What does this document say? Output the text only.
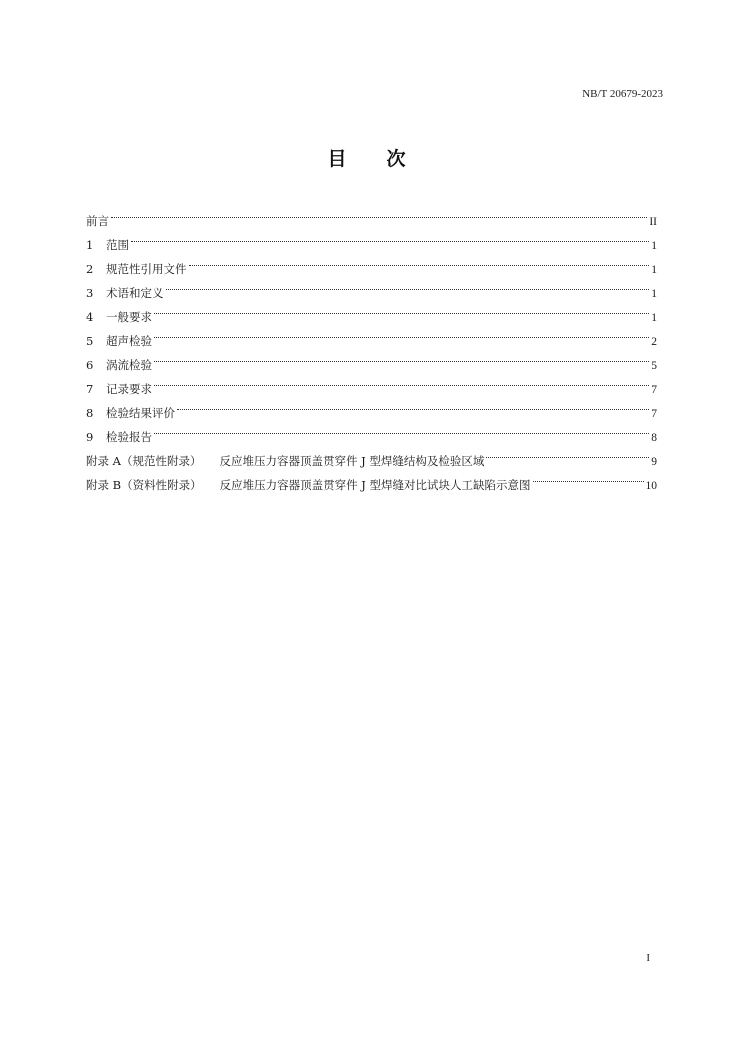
NB/T 20679-2023
目 次
前言	II
1	范围	1
2	规范性引用文件	1
3	术语和定义	1
4	一般要求	1
5	超声检验	2
6	涡流检验	5
7	记录要求	7
8	检验结果评价	7
9	检验报告	8
附录 A（规范性附录） 反应堆压力容器顶盖贯穿件 J 型焊缝结构及检验区域	9
附录 B（资料性附录） 反应堆压力容器顶盖贯穿件 J 型焊缝对比试块人工缺陷示意图	10
I
